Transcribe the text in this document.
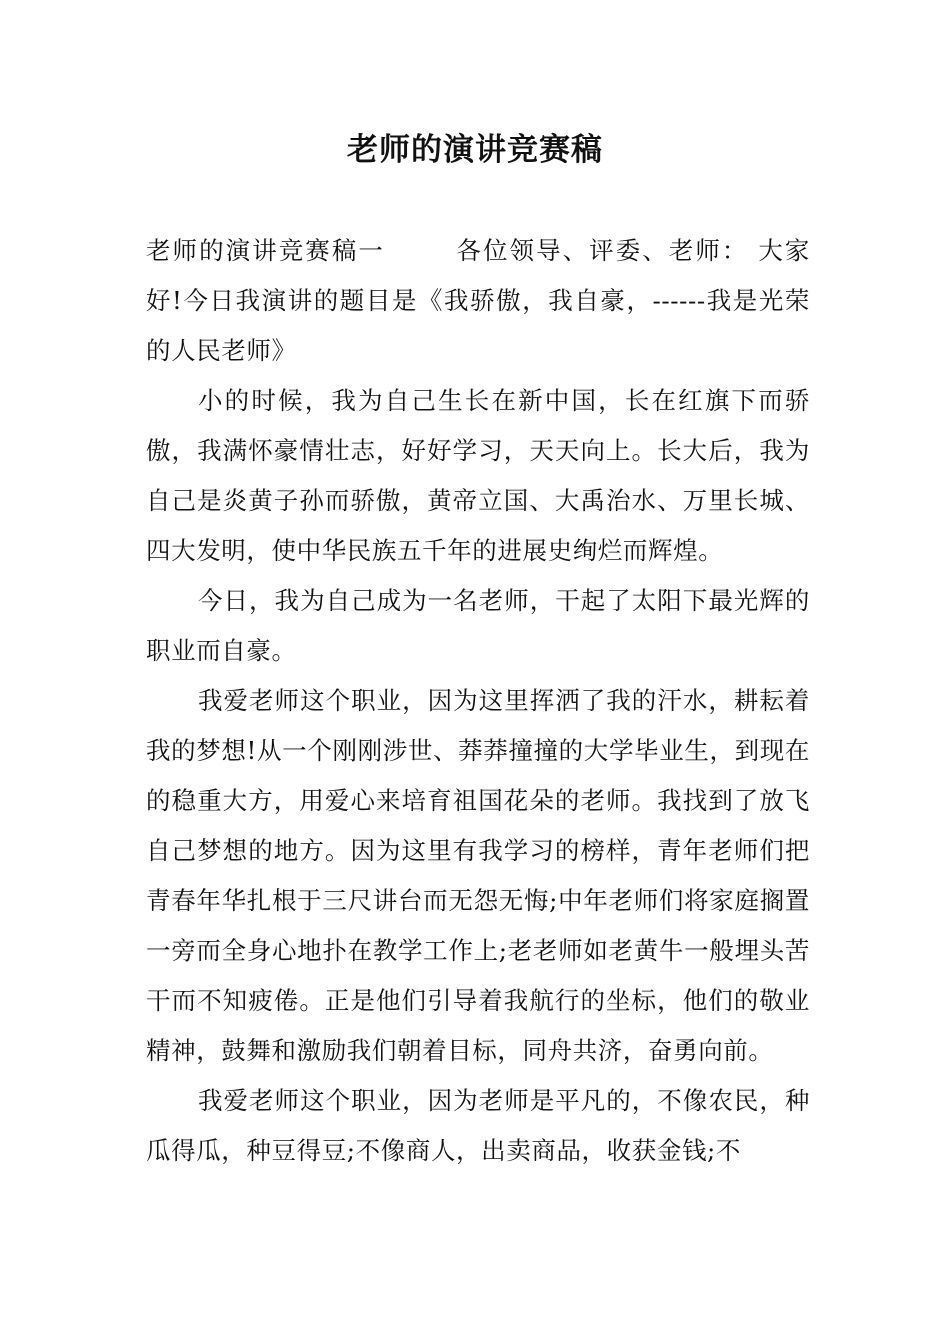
老师的演讲竞赛稿

老师的演讲竞赛稿一	各位领导、评委、老师： 大家好!今日我演讲的题目是《我骄傲，我自豪，------我是光荣的人民老师》

小的时候，我为自己生长在新中国，长在红旗下而骄傲，我满怀豪情壮志，好好学习，天天向上。长大后，我为自己是炎黄子孙而骄傲，黄帝立国、大禹治水、万里长城、四大发明，使中华民族五千年的进展史绚烂而辉煌。

今日，我为自己成为一名老师，干起了太阳下最光辉的职业而自豪。

我爱老师这个职业，因为这里挥洒了我的汗水，耕耘着我的梦想!从一个刚刚涉世、莽莽撞撞的大学毕业生，到现在的稳重大方，用爱心来培育祖国花朵的老师。我找到了放飞自己梦想的地方。因为这里有我学习的榜样，青年老师们把青春年华扎根于三尺讲台而无怨无悔;中年老师们将家庭搁置一旁而全身心地扑在教学工作上;老老师如老黄牛一般埋头苦干而不知疲倦。正是他们引导着我航行的坐标，他们的敬业精神，鼓舞和激励我们朝着目标，同舟共济，奋勇向前。

我爱老师这个职业，因为老师是平凡的，不像农民，种瓜得瓜，种豆得豆;不像商人，出卖商品，收获金钱;不
